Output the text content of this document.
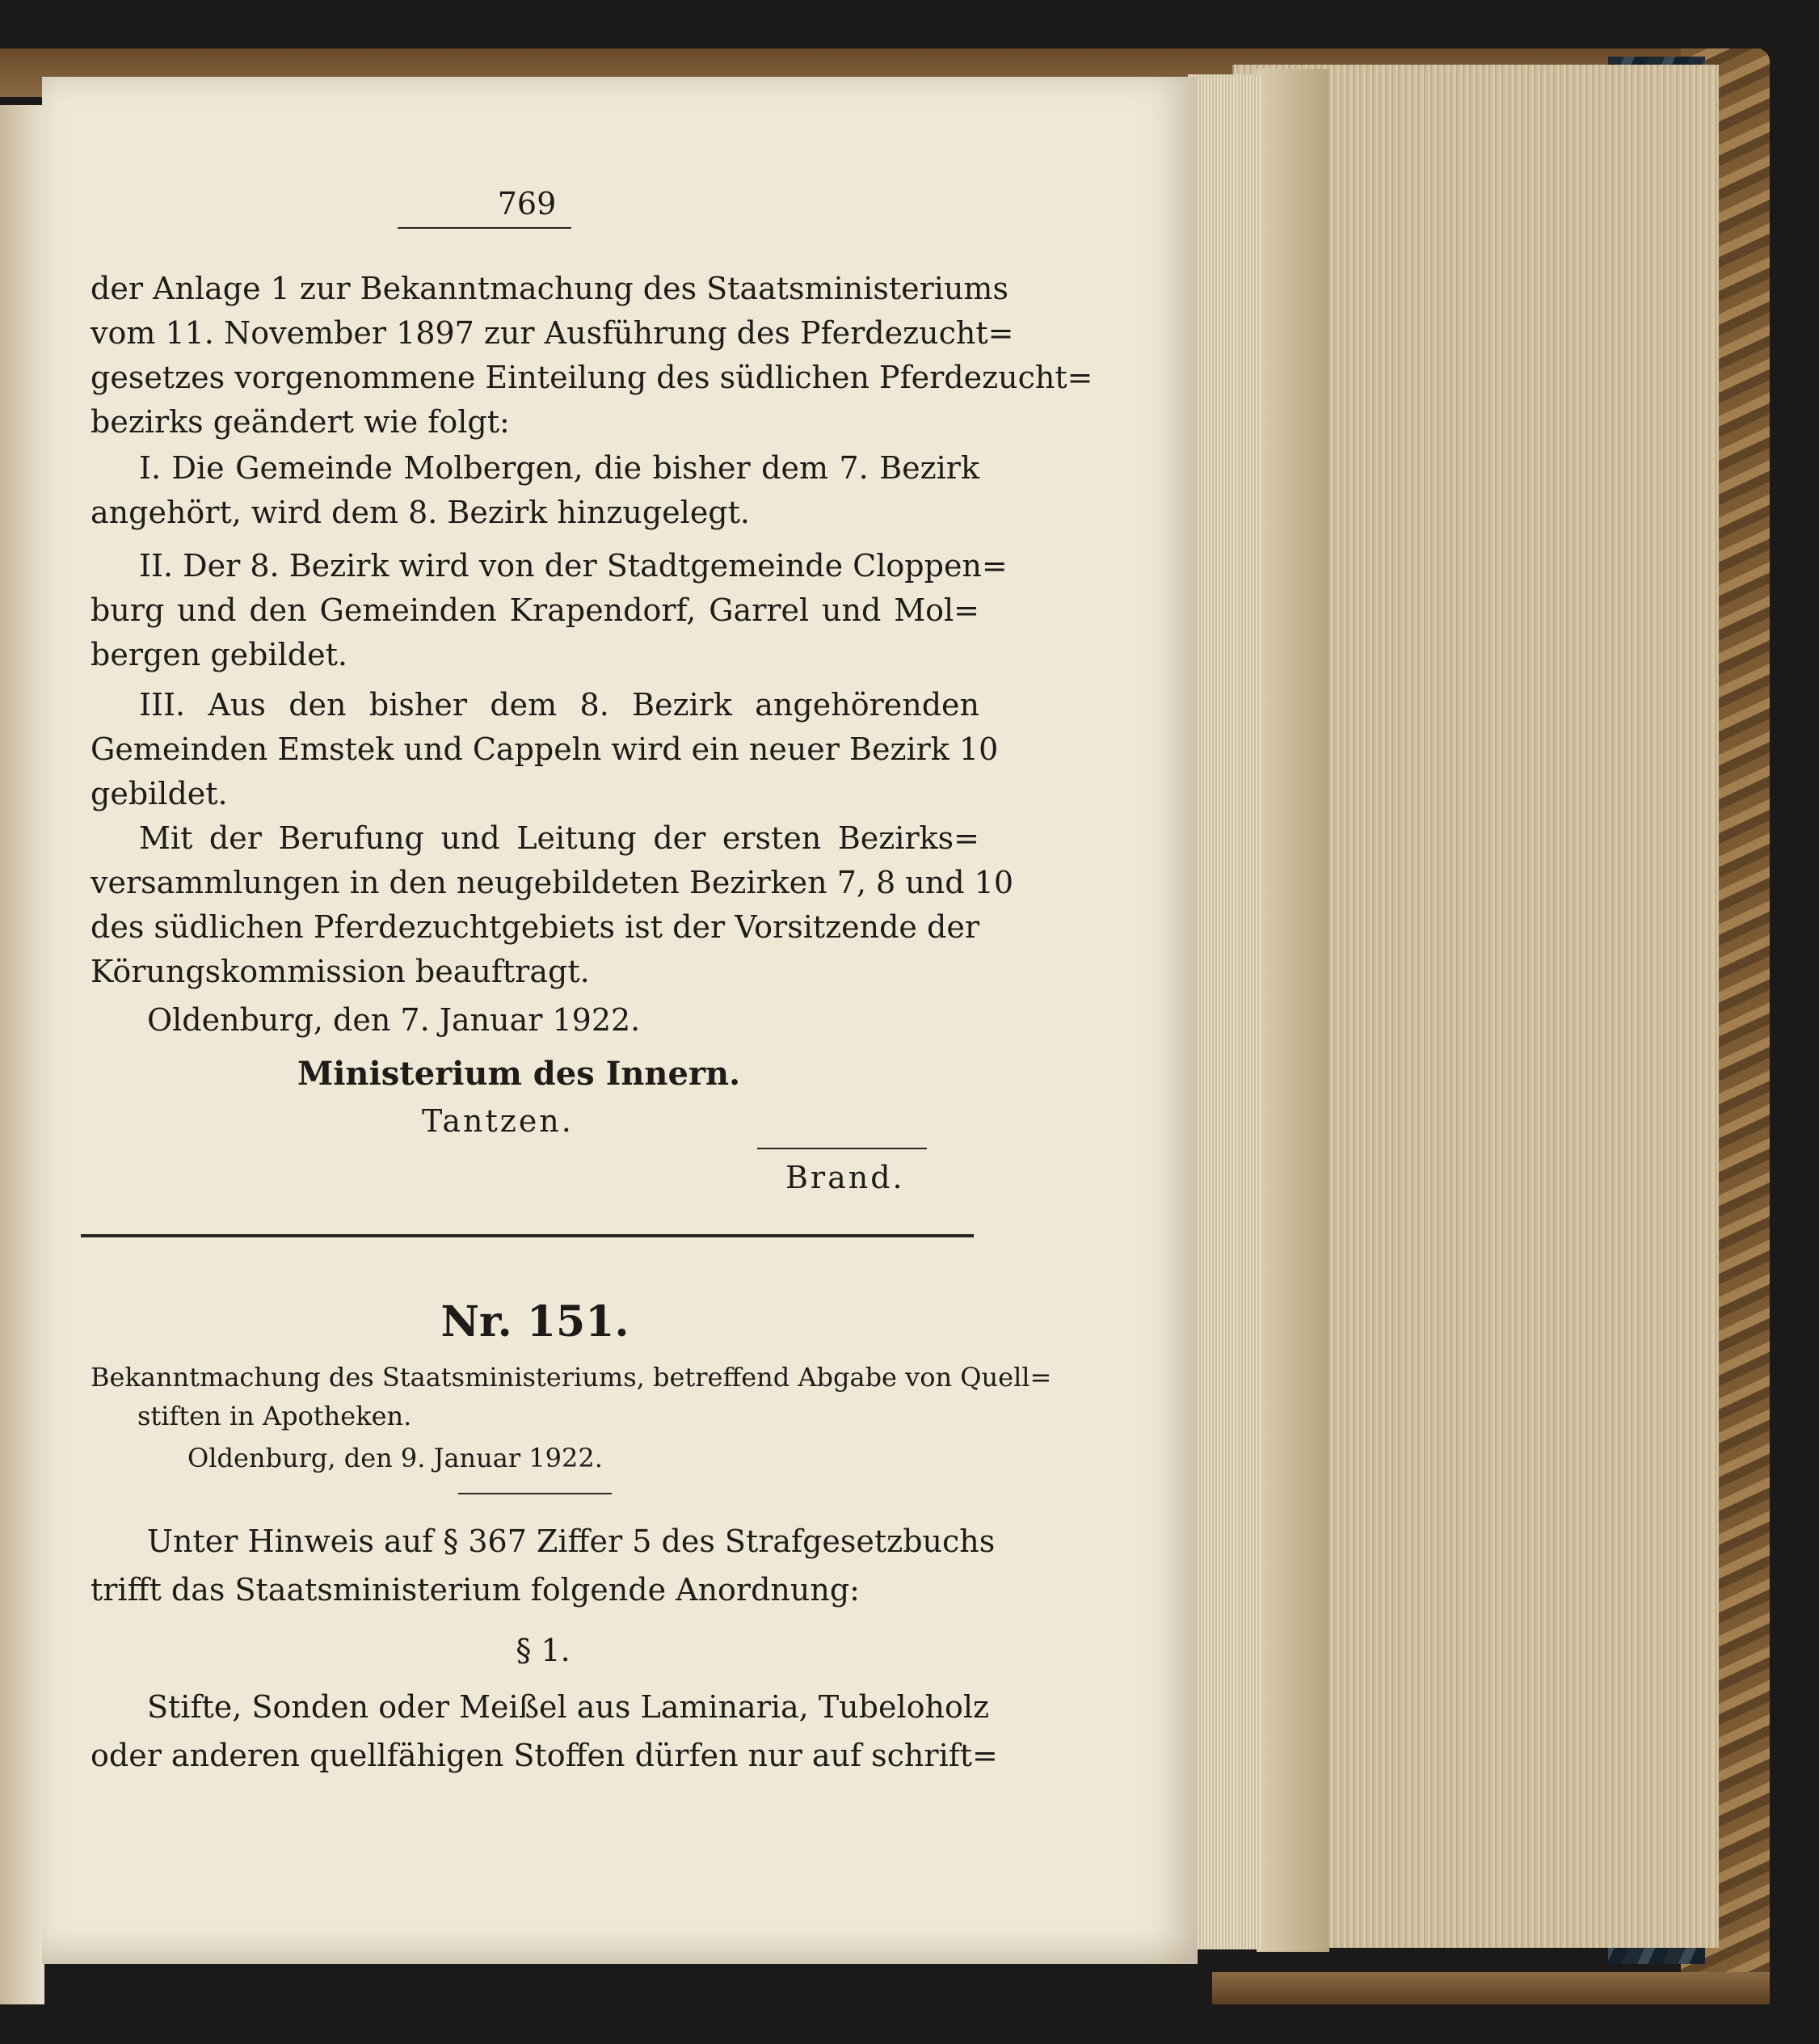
769
der Anlage 1 zur Bekanntmachung des Staatsministeriums
vom 11. November 1897 zur Ausführung des Pferdezucht=
gesetzes vorgenommene Einteilung des südlichen Pferdezucht=
bezirks geändert wie folgt:
I. Die Gemeinde Molbergen, die bisher dem 7. Bezirk
angehört, wird dem 8. Bezirk hinzugelegt.
II. Der 8. Bezirk wird von der Stadtgemeinde Cloppen=
burg und den Gemeinden Krapendorf, Garrel und Mol=
bergen gebildet.
III. Aus den bisher dem 8. Bezirk angehörenden
Gemeinden Emstek und Cappeln wird ein neuer Bezirk 10
gebildet.
Mit der Berufung und Leitung der ersten Bezirks=
versammlungen in den neugebildeten Bezirken 7, 8 und 10
des südlichen Pferdezuchtgebiets ist der Vorsitzende der
Körungskommission beauftragt.
Oldenburg, den 7. Januar 1922.
Ministerium des Innern.
Tantzen.
Brand.
Nr. 151.
Bekanntmachung des Staatsministeriums, betreffend Abgabe von Quell=
stiften in Apotheken.
Oldenburg, den 9. Januar 1922.
Unter Hinweis auf § 367 Ziffer 5 des Strafgesetzbuchs
trifft das Staatsministerium folgende Anordnung:
§ 1.
Stifte, Sonden oder Meißel aus Laminaria, Tubeloholz
oder anderen quellfähigen Stoffen dürfen nur auf schrift=
